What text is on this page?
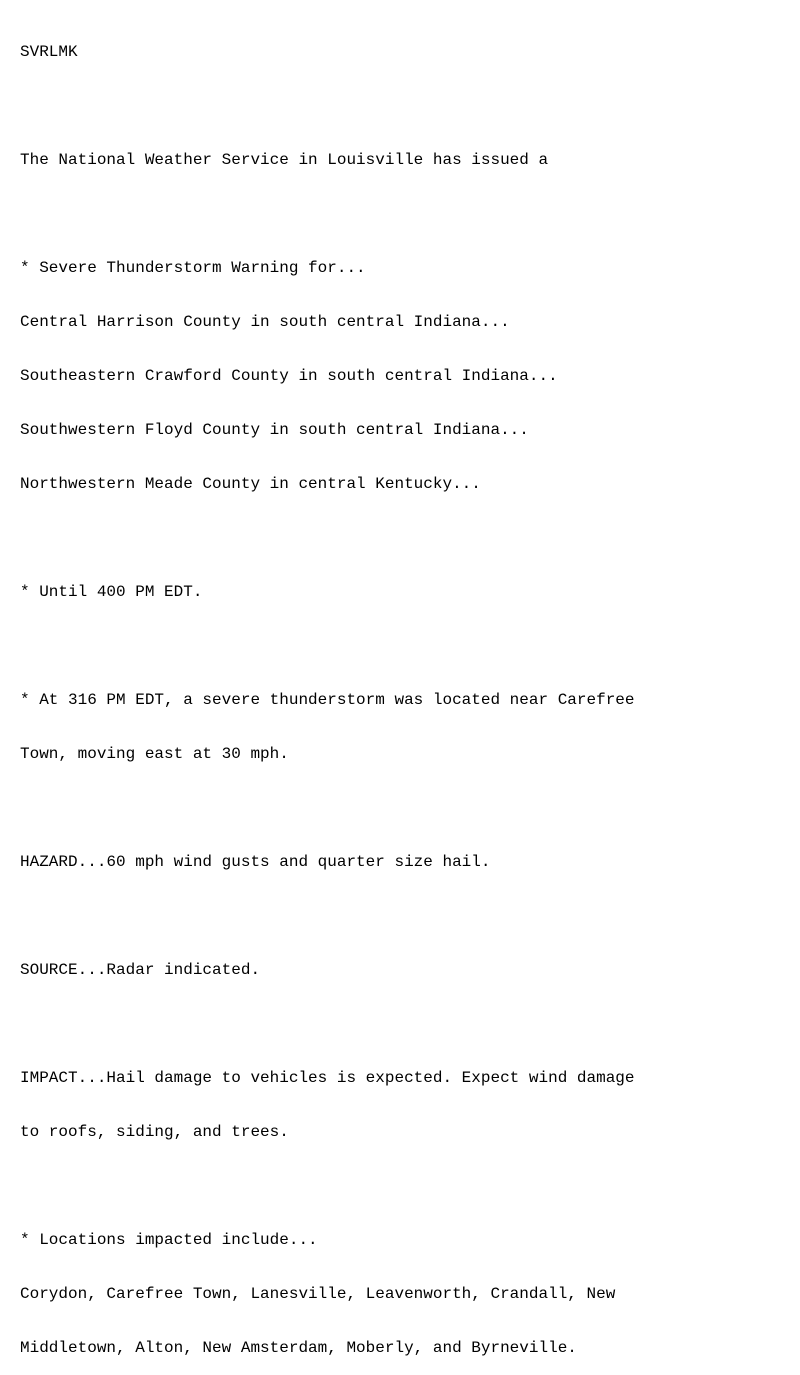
SVRLMK

The National Weather Service in Louisville has issued a

* Severe Thunderstorm Warning for...

Central Harrison County in south central Indiana...

Southeastern Crawford County in south central Indiana...

Southwestern Floyd County in south central Indiana...

Northwestern Meade County in central Kentucky...

* Until 400 PM EDT.

* At 316 PM EDT, a severe thunderstorm was located near Carefree

Town, moving east at 30 mph.

HAZARD...60 mph wind gusts and quarter size hail.

SOURCE...Radar indicated.

IMPACT...Hail damage to vehicles is expected. Expect wind damage

to roofs, siding, and trees.

* Locations impacted include...

Corydon, Carefree Town, Lanesville, Leavenworth, Crandall, New

Middletown, Alton, New Amsterdam, Moberly, and Byrneville.
